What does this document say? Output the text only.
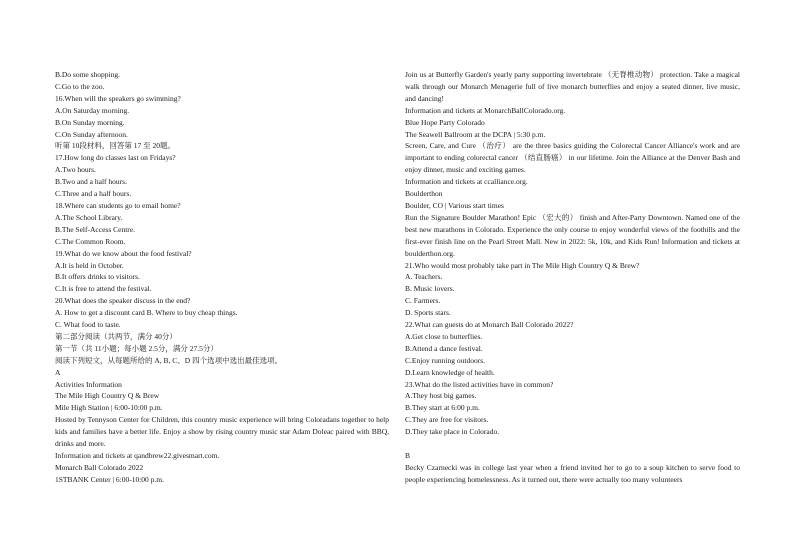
B.Do some shopping.
C.Go to the zoo.
16.When will the speakers go swimming?
A.On Saturday morning.
B.On Sunday morning.
C.On Sunday afternoon.
听第 10段材料，回答第 17 至 20题。
17.How long do classes last on Fridays?
A.Two hours.
B.Two and a half hours.
C.Three and a half hours.
18.Where can students go to email home?
A.The School Library.
B.The Self-Access Centre.
C.The Common Room.
19.What do we know about the food festival?
A.It is held in October.
B.It offers drinks to visitors.
C.It is free to attend the festival.
20.What does the speaker discuss in the end?
A. How to get a discount card B. Where to buy cheap things.
C. What food to taste.
第二部分阅读（共两节，满分 40分）
第一节（共 11小题；每小题 2.5分，满分 27.5分）
阅读下列短文，从每题所给的 A, B, C、D 四个选项中选出最佳选项。
A
Activities Information
The Mile High Country Q & Brew
Mile High Station | 6:00-10:00 p.m.
Hosted by Tennyson Center for Children, this country music experience will bring Coloradans together to help kids and families have a better life. Enjoy a show by rising country music star Adam Doleac paired with BBQ, drinks and more.
Information and tickets at qandbrew22.givesmart.com.
Monarch Ball Colorado 2022
1STBANK Center | 6:00-10:00 p.m.
Join us at Butterfly Garden's yearly party supporting invertebrate （无脊椎动物） protection. Take a magical walk through our Monarch Menagerie full of live monarch butterflies and enjoy a seated dinner, live music, and dancing!
Information and tickets at MonarchBallColorado.org.
Blue Hope Party Colorado
The Seawell Ballroom at the DCPA | 5:30 p.m.
Screen, Care, and Cure （治疗） are the three basics guiding the Colorectal Cancer Alliance's work and are important to ending colorectal cancer （结直肠癌） in our lifetime. Join the Alliance at the Denver Bash and enjoy dinner, music and exciting games.
Information and tickets at ccalliance.org.
Boulderthon
Boulder, CO | Various start times
Run the Signature Boulder Marathon! Epic （宏大的） finish and After-Party Downtown. Named one of the best new marathons in Colorado. Experience the only course to enjoy wonderful views of the foothills and the first-ever finish line on the Pearl Street Mall. New in 2022: 5k, 10k, and Kids Run! Information and tickets at boulderthon.org.
21.Who would most probably take part in The Mile High Country Q & Brew?
A. Teachers.
B. Music lovers.
C. Farmers.
D. Sports stars.
22.What can guests do at Monarch Ball Colorado 2022?
A.Get close to butterflies.
B.Attend a dance festival.
C.Enjoy running outdoors.
D.Learn knowledge of health.
23.What do the listed activities have in common?
A.They host big games.
B.They start at 6:00 p.m.
C.They are free for visitors.
D.They take place in Colorado.
B
Becky Czarnecki was in college last year when a friend invited her to go to a soup kitchen to serve food to people experiencing homelessness. As it turned out, there were actually too many volunteers
